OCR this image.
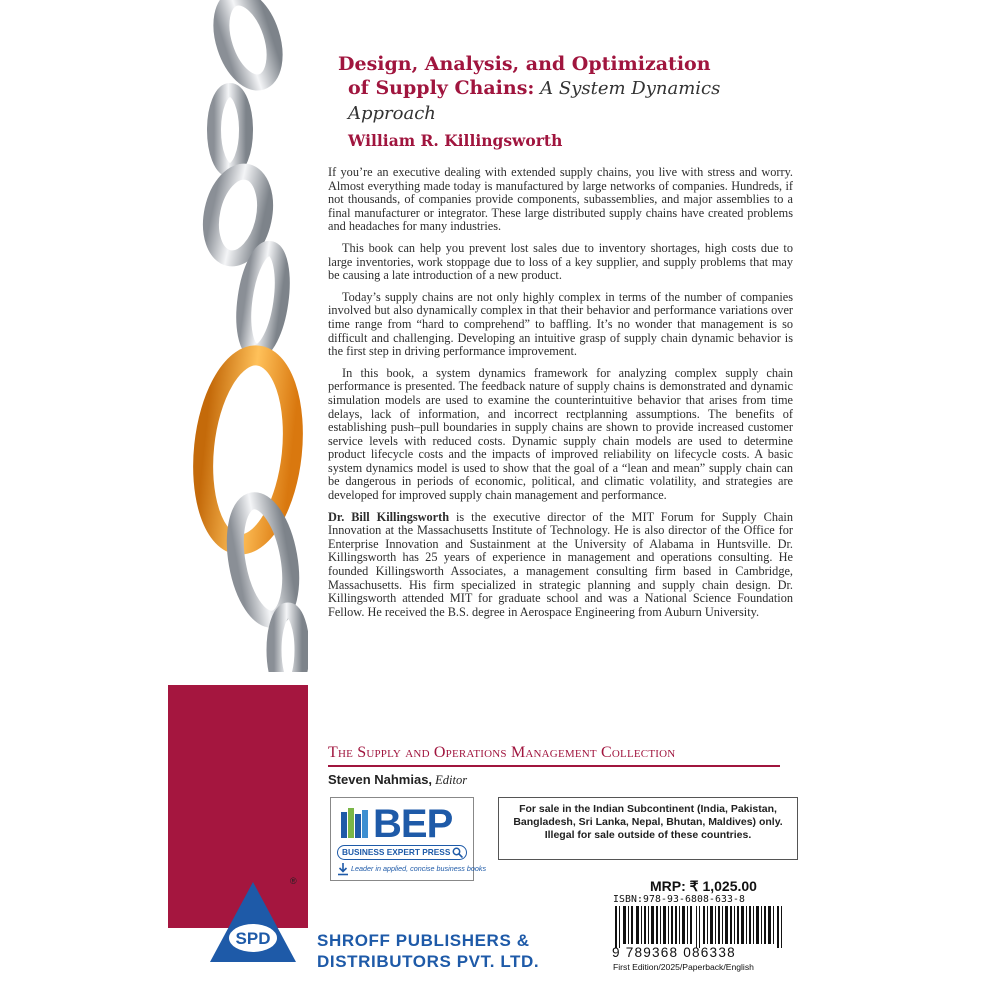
Design, Analysis, and Optimization
of Supply Chains: A System Dynamics Approach
William R. Killingsworth

If you’re an executive dealing with extended supply chains, you live with stress and worry. Almost everything made today is manufactured by large networks of companies. Hundreds, if not thousands, of companies provide components, subassemblies, and major assemblies to a final manufacturer or integrator. These large distributed supply chains have created problems and headaches for many industries.

This book can help you prevent lost sales due to inventory shortages, high costs due to large inventories, work stoppage due to loss of a key supplier, and supply problems that may be causing a late introduction of a new product.

Today’s supply chains are not only highly complex in terms of the number of companies involved but also dynamically complex in that their behavior and performance variations over time range from “hard to comprehend” to baffling. It’s no wonder that management is so difficult and challenging. Developing an intuitive grasp of supply chain dynamic behavior is the first step in driving performance improvement.

In this book, a system dynamics framework for analyzing complex supply chain performance is presented. The feedback nature of supply chains is demonstrated and dynamic simulation models are used to examine the counterintuitive behavior that arises from time delays, lack of information, and incorrect rectplanning assumptions. The benefits of establishing push–pull boundaries in supply chains are shown to provide increased customer service levels with reduced costs. Dynamic supply chain models are used to determine product lifecycle costs and the impacts of improved reliability on lifecycle costs. A basic system dynamics model is used to show that the goal of a “lean and mean” supply chain can be dangerous in periods of economic, political, and climatic volatility, and strategies are developed for improved supply chain management and performance.

Dr. Bill Killingsworth is the executive director of the MIT Forum for Supply Chain Innovation at the Massachusetts Institute of Technology. He is also director of the Office for Enterprise Innovation and Sustainment at the University of Alabama in Huntsville. Dr. Killingsworth has 25 years of experience in management and operations consulting. He founded Killingsworth Associates, a management consulting firm based in Cambridge, Massachusetts. His firm specialized in strategic planning and supply chain design. Dr. Killingsworth attended MIT for graduate school and was a National Science Foundation Fellow. He received the B.S. degree in Aerospace Engineering from Auburn University.

The Supply and Operations Management Collection
Steven Nahmias, Editor
BEP
BUSINESS EXPERT PRESS
Leader in applied, concise business books
For sale in the Indian Subcontinent (India, Pakistan, Bangladesh, Sri Lanka, Nepal, Bhutan, Maldives) only. Illegal for sale outside of these countries.
SPD
®
SHROFF PUBLISHERS &
DISTRIBUTORS PVT. LTD.
MRP: ₹ 1,025.00
ISBN:978-93-6808-633-8
9 789368 086338
First Edition/2025/Paperback/English
